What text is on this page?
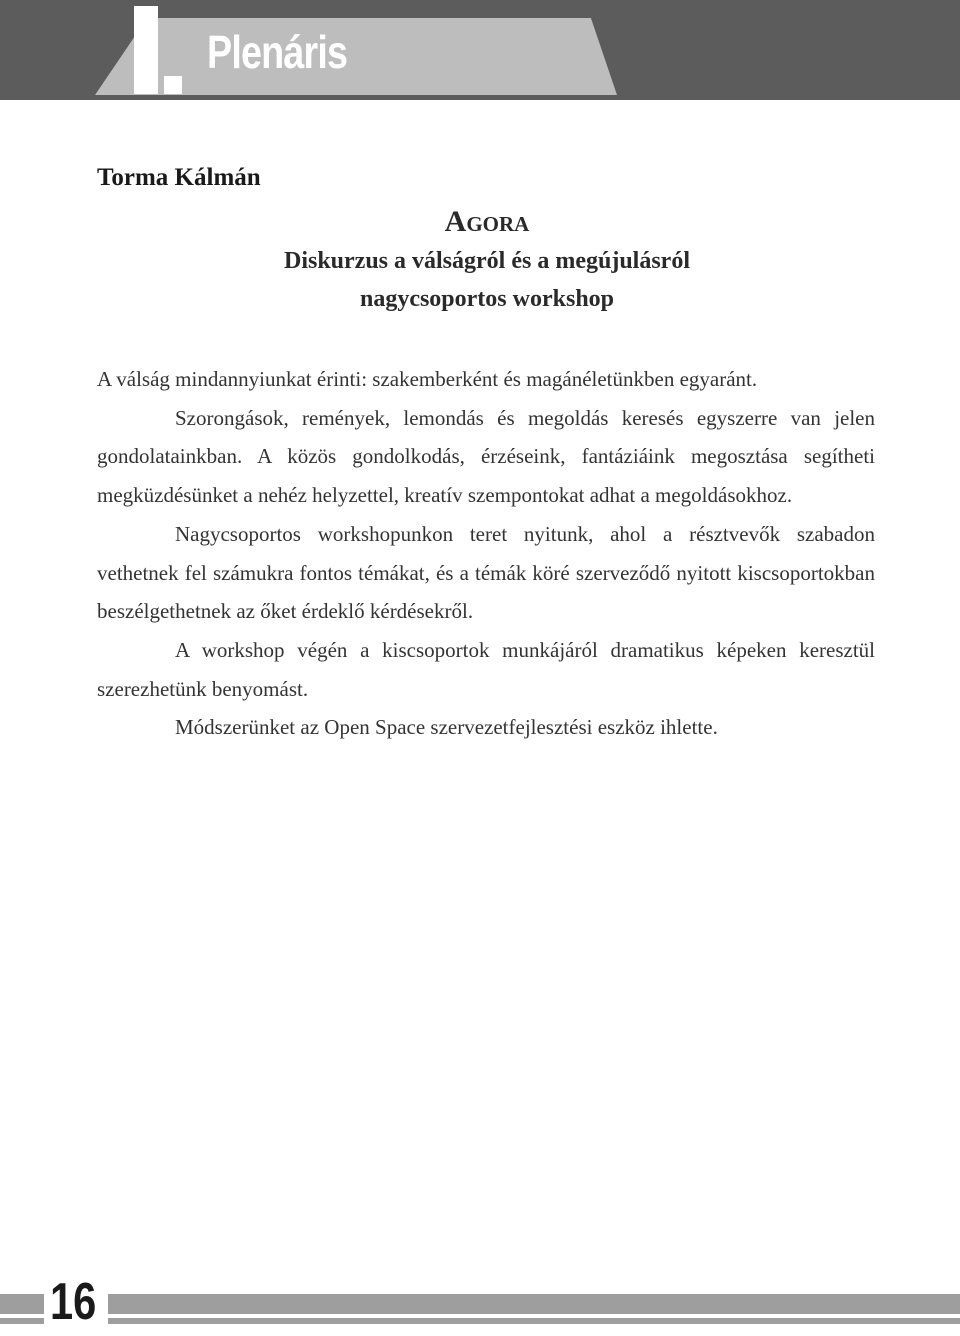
Plenáris
Torma Kálmán
Agora
Diskurzus a válságról és a megújulásról
nagycsoportos workshop

A válság mindannyiunkat érinti: szakemberként és magánéletünkben egyaránt.

Szorongások, remények, lemondás és megoldás keresés egyszerre van jelen gondolatainkban. A közös gondolkodás, érzéseink, fantáziáink megosztása segítheti megküzdésünket a nehéz helyzettel, kreatív szempontokat adhat a megoldásokhoz.

Nagycsoportos workshopunkon teret nyitunk, ahol a résztvevők szabadon vethetnek fel számukra fontos témákat, és a témák köré szerveződő nyitott kiscsoportokban beszélgethetnek az őket érdeklő kérdésekről.

A workshop végén a kiscsoportok munkájáról dramatikus képeken keresztül szerezhetünk benyomást.

Módszerünket az Open Space szervezetfejlesztési eszköz ihlette.

16
